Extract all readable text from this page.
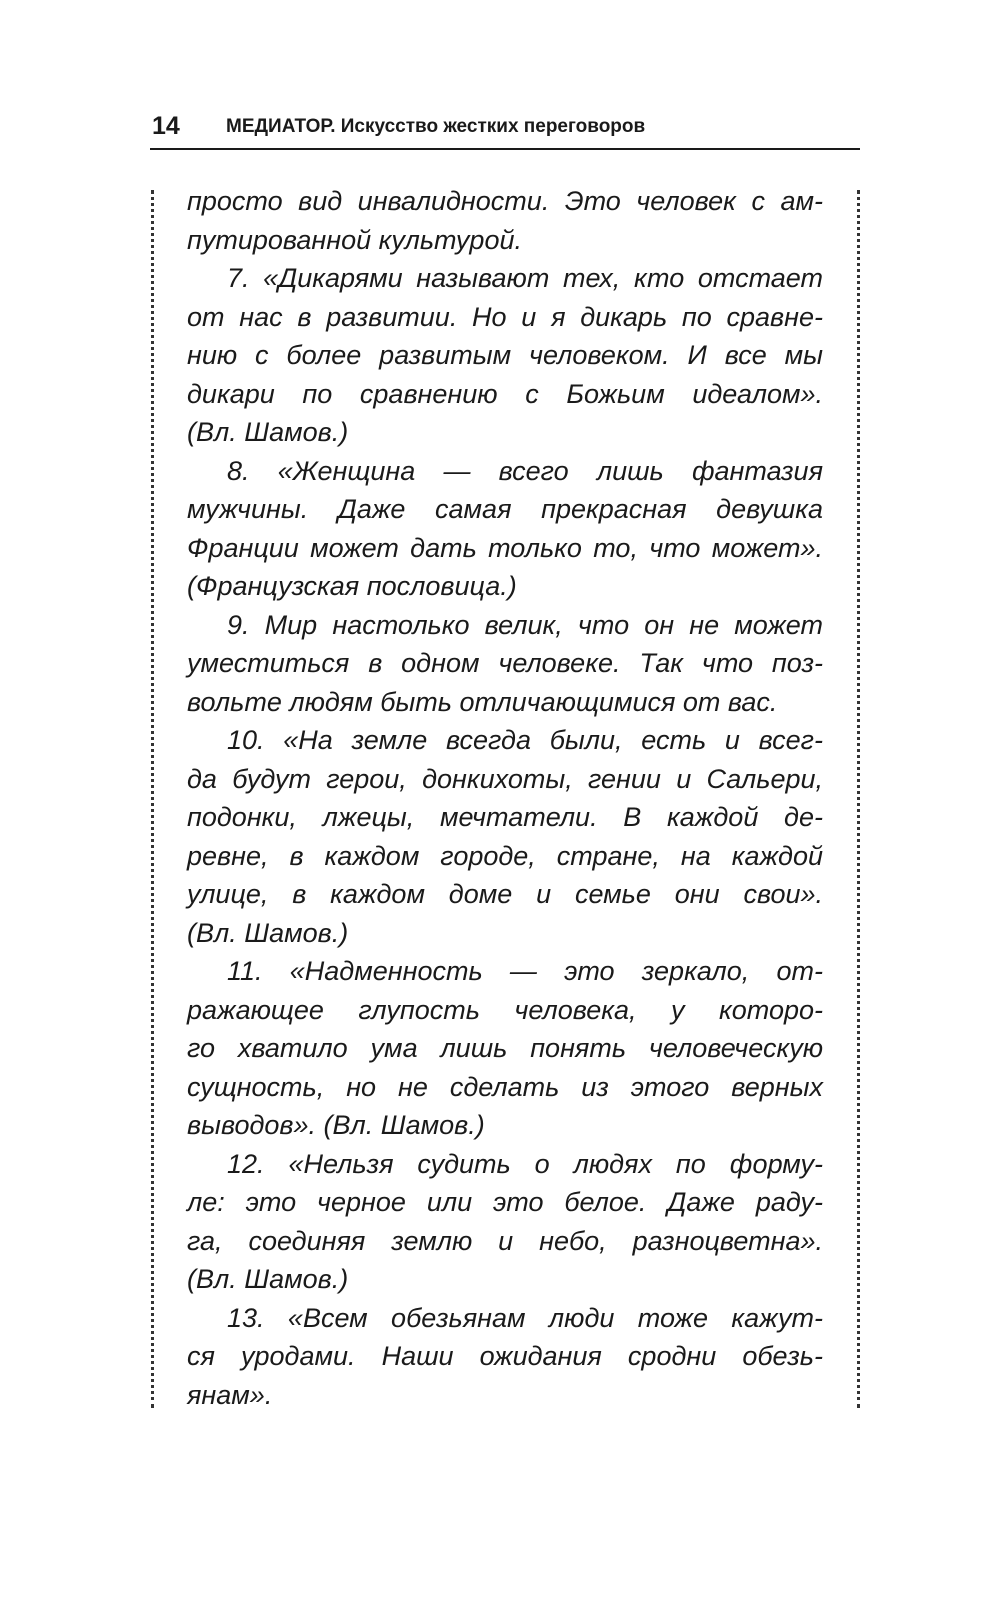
14 МЕДИАТОР. Искусство жестких переговоров
просто вид инвалидности. Это человек с ам-
путированной культурой.
7. «Дикарями называют тех, кто отстает
от нас в развитии. Но и я дикарь по сравне-
нию с более развитым человеком. И все мы
дикари по сравнению с Божьим идеалом».
(Вл. Шамов.)
8. «Женщина — всего лишь фантазия
мужчины. Даже самая прекрасная девушка
Франции может дать только то, что может».
(Французская пословица.)
9. Мир настолько велик, что он не может
уместиться в одном человеке. Так что поз-
вольте людям быть отличающимися от вас.
10. «На земле всегда были, есть и всег-
да будут герои, донкихоты, гении и Сальери,
подонки, лжецы, мечтатели. В каждой де-
ревне, в каждом городе, стране, на каждой
улице, в каждом доме и семье они свои».
(Вл. Шамов.)
11. «Надменность — это зеркало, от-
ражающее глупость человека, у которо-
го хватило ума лишь понять человеческую
сущность, но не сделать из этого верных
выводов». (Вл. Шамов.)
12. «Нельзя судить о людях по форму-
ле: это черное или это белое. Даже раду-
га, соединяя землю и небо, разноцветна».
(Вл. Шамов.)
13. «Всем обезьянам люди тоже кажут-
ся уродами. Наши ожидания сродни обезь-
янам».
